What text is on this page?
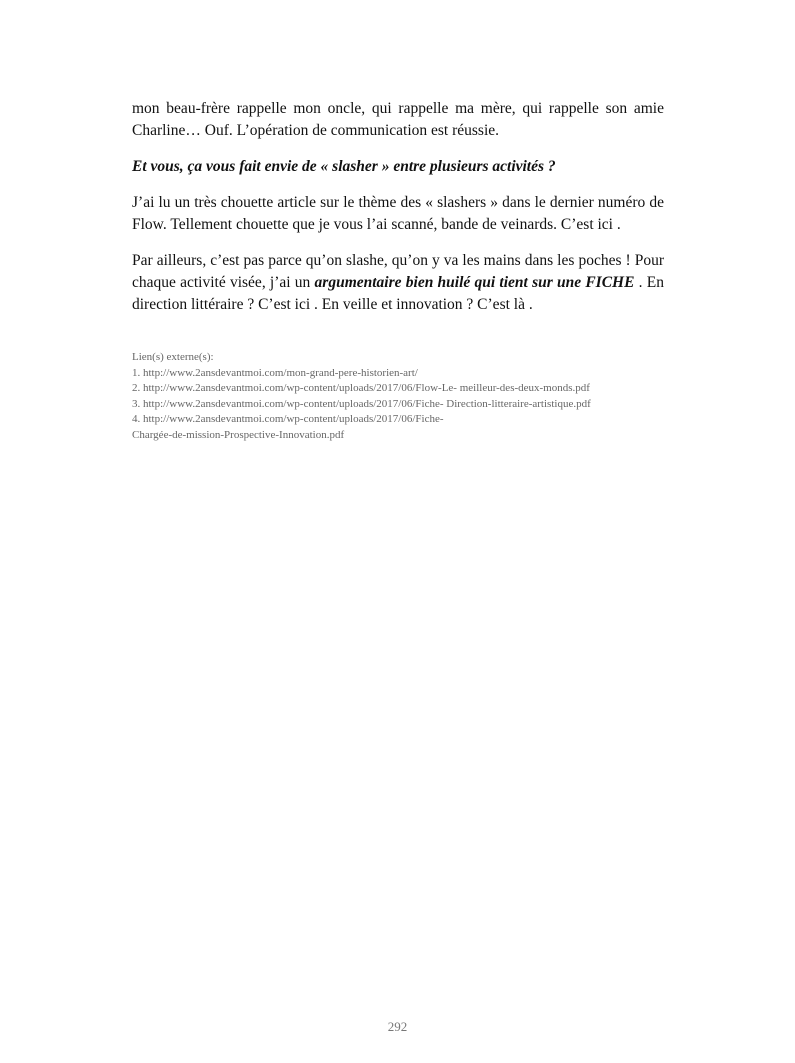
mon beau-frère rappelle mon oncle, qui rappelle ma mère, qui rappelle son amie Charline… Ouf. L’opération de communication est réussie.

Et vous, ça vous fait envie de « slasher » entre plusieurs activités ?

J’ai lu un très chouette article sur le thème des « slashers » dans le dernier numéro de Flow. Tellement chouette que je vous l’ai scanné, bande de veinards. C’est ici .

Par ailleurs, c’est pas parce qu’on slashe, qu’on y va les mains dans les poches ! Pour chaque activité visée, j’ai un argumentaire bien huilé qui tient sur une FICHE . En direction littéraire ? C’est ici . En veille et innovation ? C’est là .

Lien(s) externe(s):
1. http://www.2ansdevantmoi.com/mon-grand-pere-historien-art/
2. http://www.2ansdevantmoi.com/wp-content/uploads/2017/06/Flow-Le- meilleur-des-deux-monds.pdf
3. http://www.2ansdevantmoi.com/wp-content/uploads/2017/06/Fiche- Direction-litteraire-artistique.pdf
4. http://www.2ansdevantmoi.com/wp-content/uploads/2017/06/Fiche-
Chargée-de-mission-Prospective-Innovation.pdf
292
